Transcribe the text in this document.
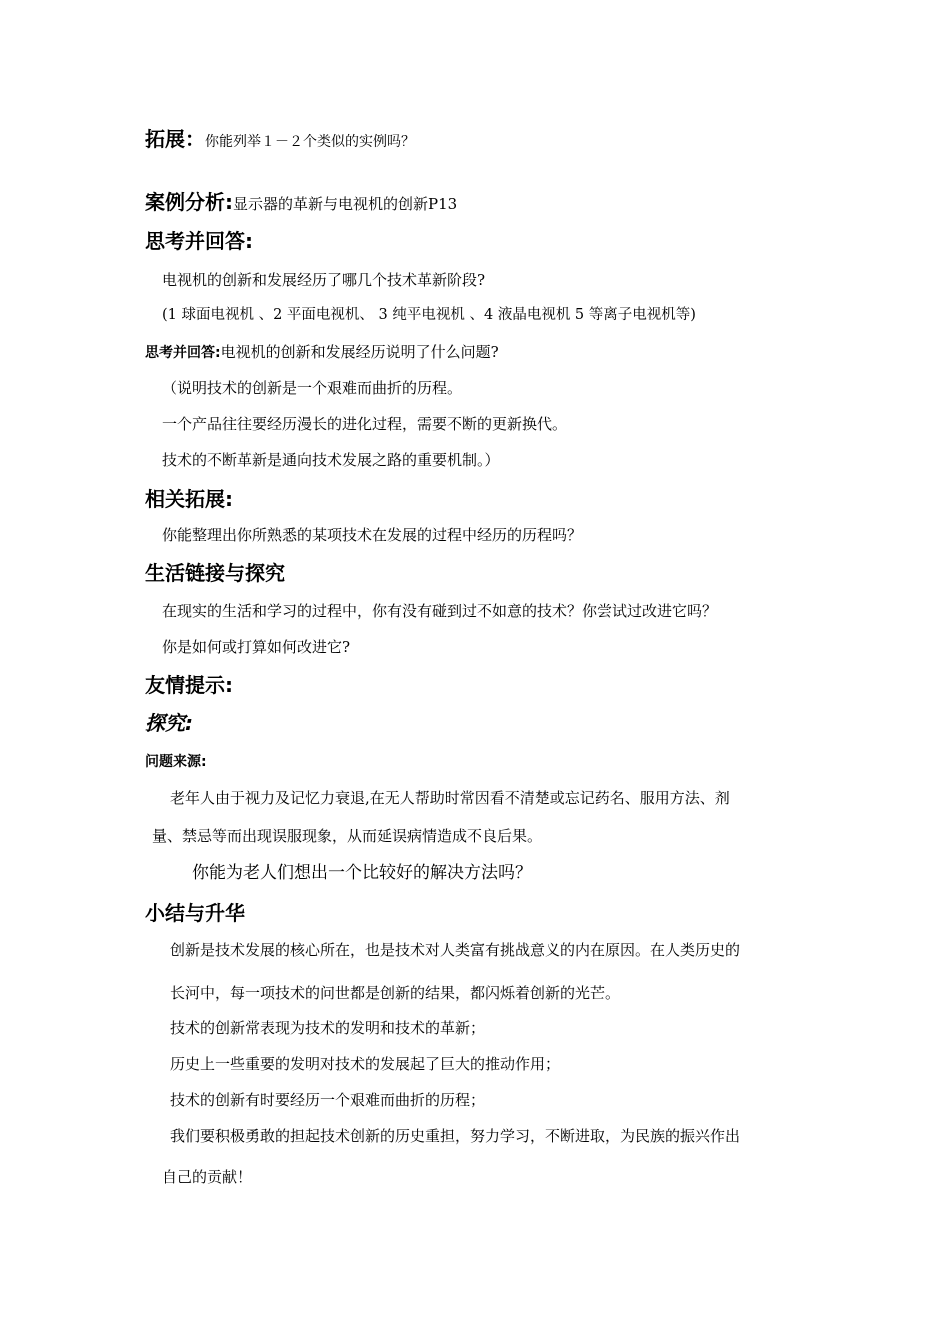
拓展：你能列举１－２个类似的实例吗？
案例分析:显示器的革新与电视机的创新P13
思考并回答:
电视机的创新和发展经历了哪几个技术革新阶段?
(1 球面电视机 、2 平面电视机、 3 纯平电视机 、4 液晶电视机 5 等离子电视机等)
思考并回答:电视机的创新和发展经历说明了什么问题?
（说明技术的创新是一个艰难而曲折的历程。
一个产品往往要经历漫长的进化过程，需要不断的更新换代。
技术的不断革新是通向技术发展之路的重要机制。）
相关拓展:
你能整理出你所熟悉的某项技术在发展的过程中经历的历程吗？
生活链接与探究
在现实的生活和学习的过程中，你有没有碰到过不如意的技术？你尝试过改进它吗？
你是如何或打算如何改进它?
友情提示:
探究:
问题来源:
老年人由于视力及记忆力衰退,在无人帮助时常因看不清楚或忘记药名、服用方法、剂
量、禁忌等而出现误服现象，从而延误病情造成不良后果。
你能为老人们想出一个比较好的解决方法吗？
小结与升华
创新是技术发展的核心所在，也是技术对人类富有挑战意义的内在原因。在人类历史的
长河中，每一项技术的问世都是创新的结果，都闪烁着创新的光芒。
技术的创新常表现为技术的发明和技术的革新；
历史上一些重要的发明对技术的发展起了巨大的推动作用；
技术的创新有时要经历一个艰难而曲折的历程；
我们要积极勇敢的担起技术创新的历史重担，努力学习，不断进取，为民族的振兴作出
自己的贡献！
